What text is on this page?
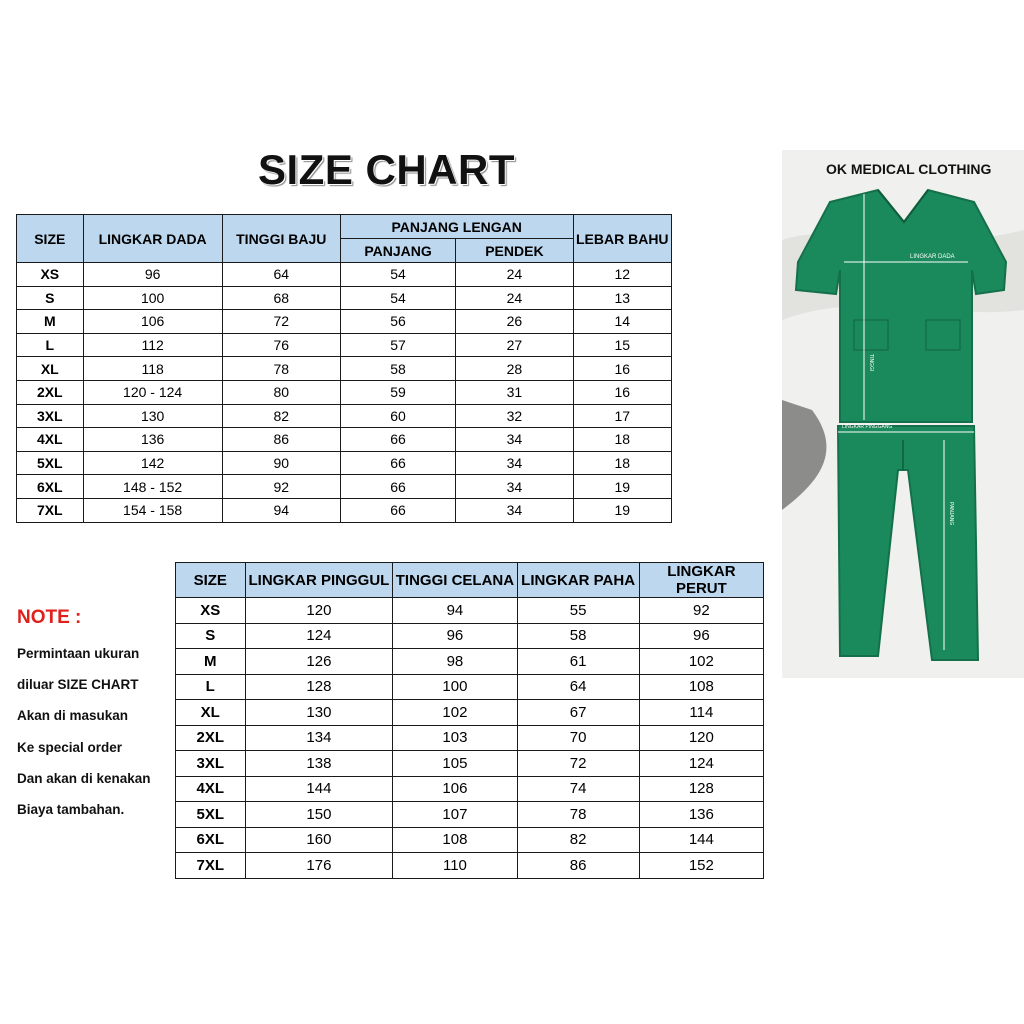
SIZE CHART
SIZE	LINGKAR DADA	TINGGI BAJU	PANJANG LENGAN		LEBAR BAHU
			PANJANG	PENDEK	
XS	96	64	54	24	12
S	100	68	54	24	13
M	106	72	56	26	14
L	112	76	57	27	15
XL	118	78	58	28	16
2XL	120 - 124	80	59	31	16
3XL	130	82	60	32	17
4XL	136	86	66	34	18
5XL	142	90	66	34	18
6XL	148 - 152	92	66	34	19
7XL	154 - 158	94	66	34	19
SIZE	LINGKAR PINGGUL	TINGGI CELANA	LINGKAR PAHA	LINGKAR PERUT
XS	120	94	55	92
S	124	96	58	96
M	126	98	61	102
L	128	100	64	108
XL	130	102	67	114
2XL	134	103	70	120
3XL	138	105	72	124
4XL	144	106	74	128
5XL	150	107	78	136
6XL	160	108	82	144
7XL	176	110	86	152
NOTE :
Permintaan ukuran
diluar SIZE CHART
Akan di masukan
Ke special order
Dan akan di kenakan
Biaya tambahan.
LINGKAR DADA
LINGKAR PINGGANG
TINGGI
PANJANG
OK MEDICAL CLOTHING
